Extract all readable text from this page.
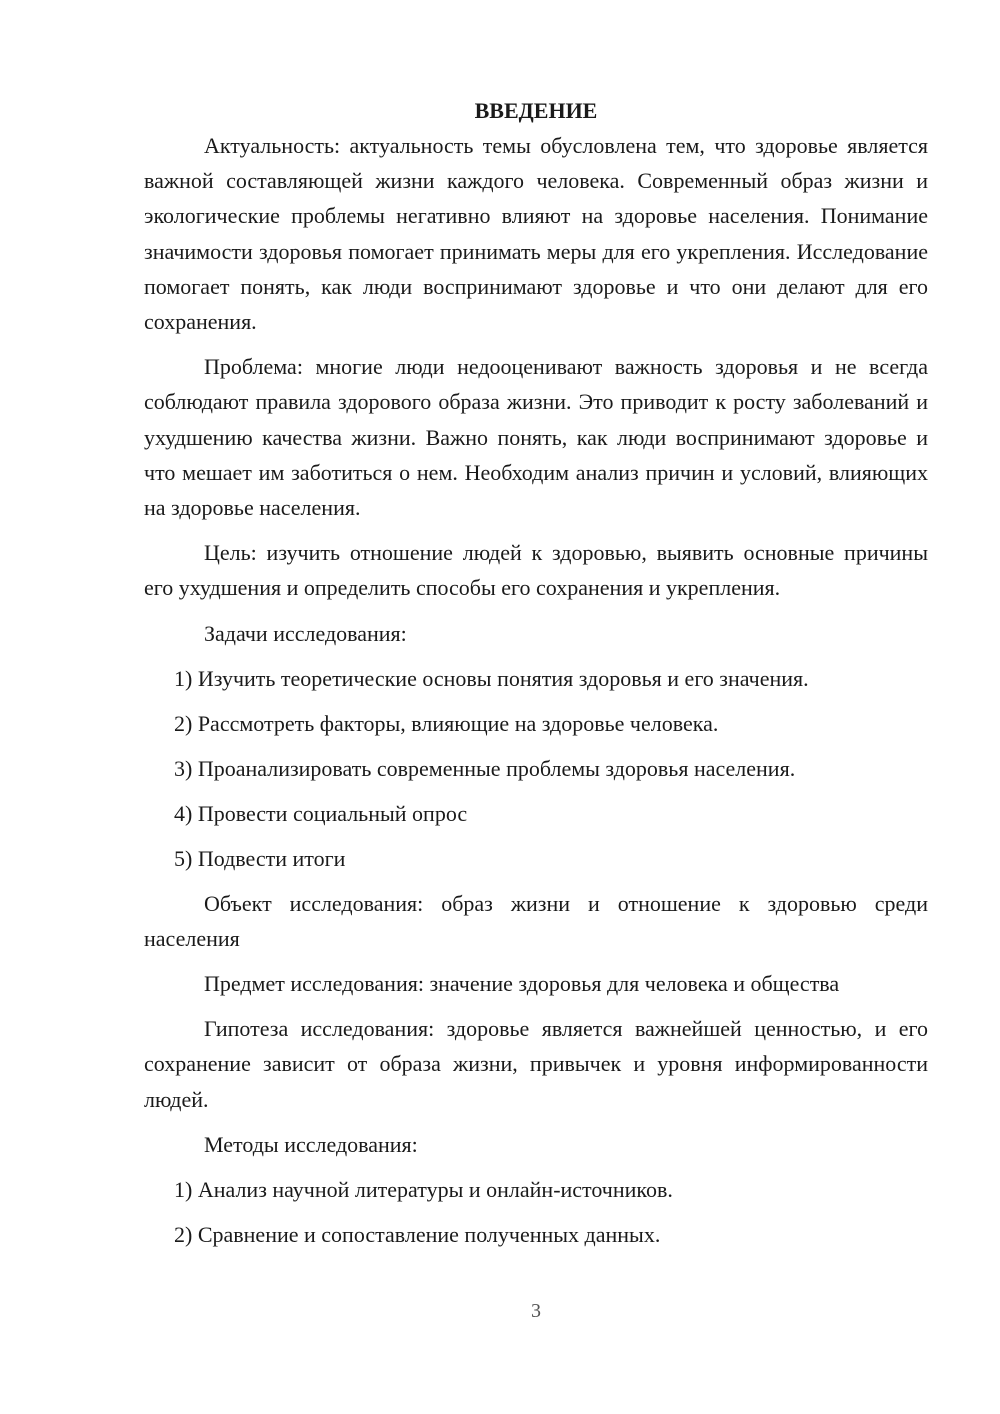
ВВЕДЕНИЕ

Актуальность: актуальность темы обусловлена тем, что здоровье является важной составляющей жизни каждого человека. Современный образ жизни и экологические проблемы негативно влияют на здоровье населения. Понимание значимости здоровья помогает принимать меры для его укрепления. Исследование помогает понять, как люди воспринимают здоровье и что они делают для его сохранения.

Проблема: многие люди недооценивают важность здоровья и не всегда соблюдают правила здорового образа жизни. Это приводит к росту заболеваний и ухудшению качества жизни. Важно понять, как люди воспринимают здоровье и что мешает им заботиться о нем. Необходим анализ причин и условий, влияющих на здоровье населения.

Цель: изучить отношение людей к здоровью, выявить основные причины его ухудшения и определить способы его сохранения и укрепления.

Задачи исследования:

1) Изучить теоретические основы понятия здоровья и его значения.
2) Рассмотреть факторы, влияющие на здоровье человека.
3) Проанализировать современные проблемы здоровья населения.
4) Провести социальный опрос
5) Подвести итоги

Объект исследования: образ жизни и отношение к здоровью среди населения

Предмет исследования: значение здоровья для человека и общества

Гипотеза исследования: здоровье является важнейшей ценностью, и его сохранение зависит от образа жизни, привычек и уровня информированности людей.

Методы исследования:

1) Анализ научной литературы и онлайн-источников.
2) Сравнение и сопоставление полученных данных.
3
